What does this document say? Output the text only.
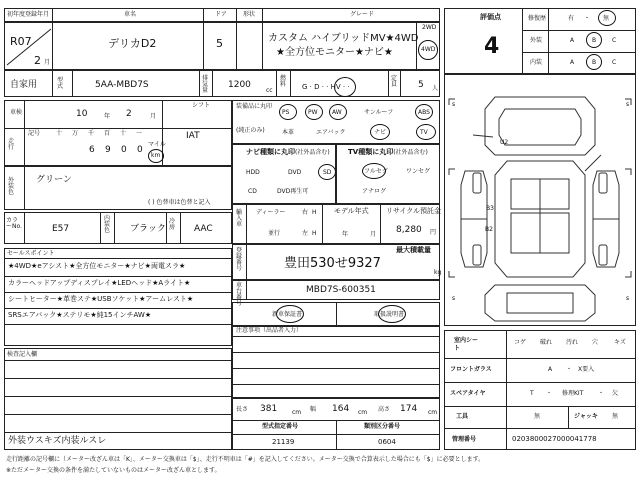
初年度登録年月	車名	ドア	形状	グレード
R07
2 月
デリカD2	5	カスタム ハイブリッドMV★4WD
★全方位モニター★ナビ★
2WD
4WD
自家用	型式	5AA-MBD7S
排気量
1200
cc
燃料 G · D · · HV · ·
定員 5 人
車検	10	年 2	月
シフト
IAT
走行
記号	十 万 千 百 十 一
6 9 0 0
マイル
km
外装色
グリーン
( ) 色替車は色替と記入
カラーNo.	E57
内装色 ブラック
冷房 AAC
セールスポイント
★4WD★eアシスト★全方位モニター★ナビ★両電スラ★
カラーヘッドアップディスプレイ★LEDヘッド★Aライト★
シートヒーター★革巻ステ★USBソケット★アームレスト★
SRSエアバック★ステリモ★純15インチAW★
検査記入欄
外装ウスキズ内装ルスレ
装備品に丸印
(純正のみ)
PS	PW AW	サンルーフ	ABS
本革	エアバック	ナビ	TV
ナビ種類に丸印(社外品含む)	TV種類に丸印(社外品含む)
HDD	DVD	SD
CD	DVD再生可
フルセグ	ワンセグ
アナログ
輸入車
ディーラー	右 H
並行	左 H
モデル年式
年	月
リサイクル預託金
8,280 円
登録番号	豊田530せ9327
最大積載量
kg
車台番号
MBD7S-600351
新車保証書	取扱説明書
注意事項（出品者入力）
長さ 381 cm 幅 164 cm 高さ 174 cm
型式指定番号	類別区分番号
21139	0604
評価点
4
修復歴	有 ・ 無
外装	A	B	C
内装	A	B	C
s	s
s	s
U2
B3
B2
室内シート
コゲ 破れ 汚れ 穴	キズ
フロントガラス	A ・ X要入
スペアタイヤ	T ・ 修理KIT ・ 欠
工具	無	ジャッキ 無
管理番号	0203800027000041778
走行距離の記号欄に（メーター改ざん車は「K」、メーター交換車は「$」、走行不明車は「#」を記入してください。メーター交換で合算表示した場合にも「$」に必要とします。
※ただメーター交換の条件を満たしていないものはメーター改ざん車とします。
